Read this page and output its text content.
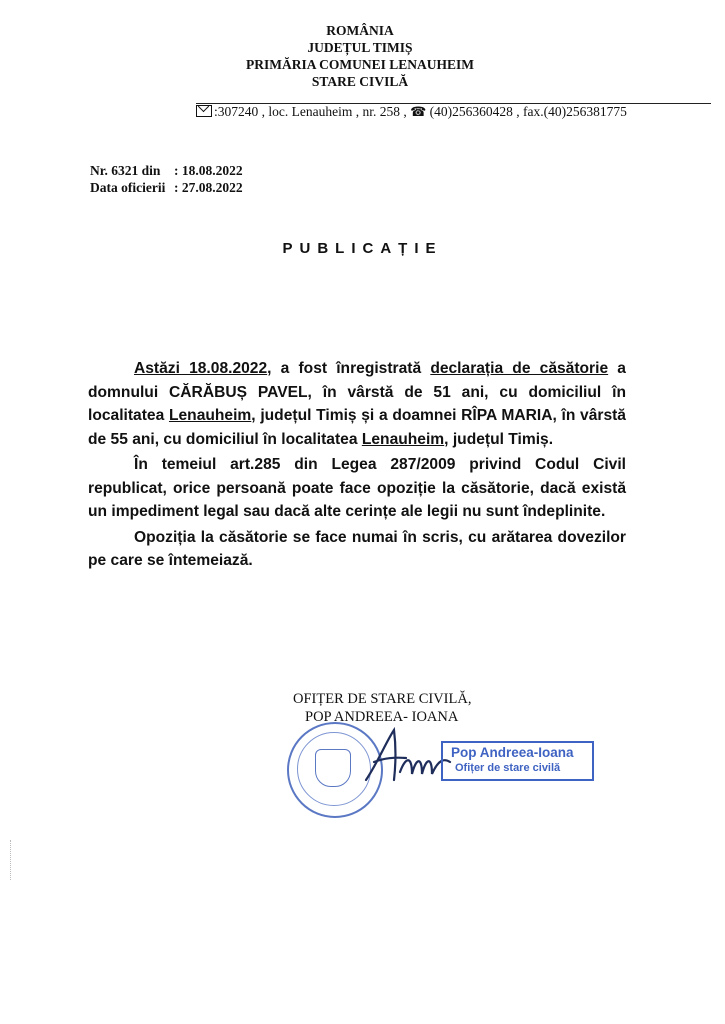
ROMÂNIA
JUDEȚUL TIMIȘ
PRIMĂRIA COMUNEI LENAUHEIM
STARE CIVILĂ
:307240 , loc. Lenauheim , nr. 258 , ☎ (40)256360428 , fax.(40)256381775
Nr. 6321 din : 18.08.2022
Data oficierii : 27.08.2022
PUBLICAȚIE

Astăzi 18.08.2022, a fost înregistrată declarația de căsătorie a domnului CĂRĂBUȘ PAVEL, în vârstă de 51 ani, cu domiciliul în localitatea Lenauheim, județul Timiș și a doamnei RÎPA MARIA, în vârstă de 55 ani, cu domiciliul în localitatea Lenauheim, județul Timiș.

În temeiul art.285 din Legea 287/2009 privind Codul Civil republicat, orice persoană poate face opoziție la căsătorie, dacă există un impediment legal sau dacă alte cerințe ale legii nu sunt îndeplinite.

Opoziția la căsătorie se face numai în scris, cu arătarea dovezilor pe care se întemeiază.

OFIȚER DE STARE CIVILĂ,
POP ANDREEA- IOANA
Pop Andreea-Ioana
Ofițer de stare civilă
